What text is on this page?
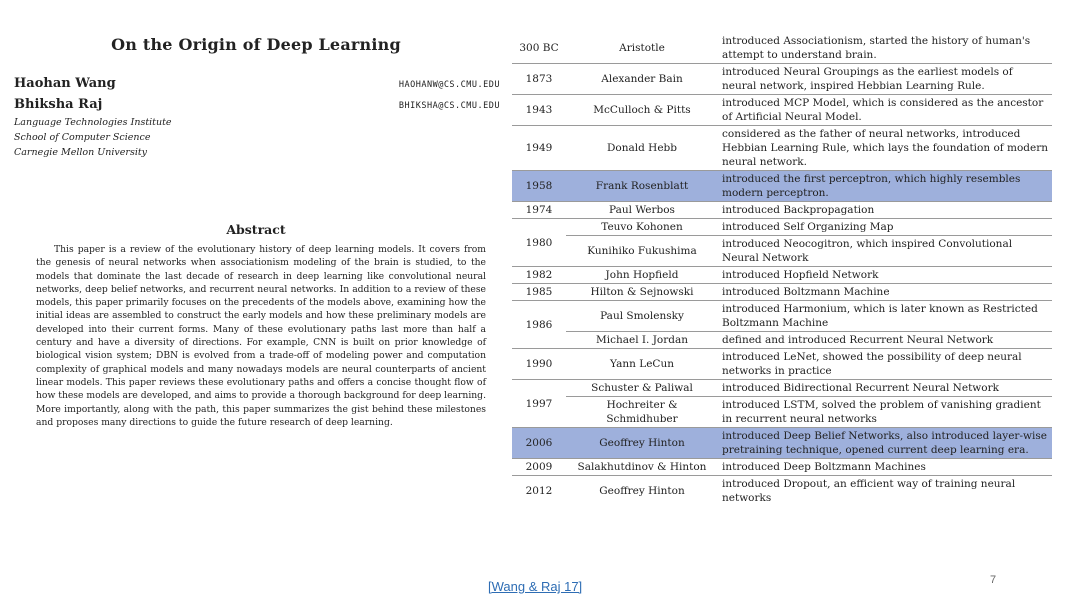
On the Origin of Deep Learning
Haohan Wang	HAOHANW@CS.CMU.EDU
Bhiksha Raj	BHIKSHA@CS.CMU.EDU
Language Technologies Institute
School of Computer Science
Carnegie Mellon University
Abstract
This paper is a review of the evolutionary history of deep learning models. It covers from the genesis of neural networks when associationism modeling of the brain is studied, to the models that dominate the last decade of research in deep learning like convolutional neural networks, deep belief networks, and recurrent neural networks. In addition to a review of these models, this paper primarily focuses on the precedents of the models above, examining how the initial ideas are assembled to construct the early models and how these preliminary models are developed into their current forms. Many of these evolutionary paths last more than half a century and have a diversity of directions. For example, CNN is built on prior knowledge of biological vision system; DBN is evolved from a trade-off of modeling power and computation complexity of graphical models and many nowadays models are neural counterparts of ancient linear models. This paper reviews these evolutionary paths and offers a concise thought flow of how these models are developed, and aims to provide a thorough background for deep learning. More importantly, along with the path, this paper summarizes the gist behind these milestones and proposes many directions to guide the future research of deep learning.
300 BC	Aristotle	introduced Associationism, started the history of human's attempt to understand brain.
1873	Alexander Bain	introduced Neural Groupings as the earliest models of neural network, inspired Hebbian Learning Rule.
1943	McCulloch & Pitts	introduced MCP Model, which is considered as the ancestor of Artificial Neural Model.
1949	Donald Hebb	considered as the father of neural networks, introduced Hebbian Learning Rule, which lays the foundation of modern neural network.
1958	Frank Rosenblatt	introduced the first perceptron, which highly resembles modern perceptron.
1974	Paul Werbos	introduced Backpropagation
1980	Teuvo Kohonen	introduced Self Organizing Map
	Kunihiko Fukushima	introduced Neocogitron, which inspired Convolutional Neural Network
1982	John Hopfield	introduced Hopfield Network
1985	Hilton & Sejnowski	introduced Boltzmann Machine
1986	Paul Smolensky	introduced Harmonium, which is later known as Restricted Boltzmann Machine
	Michael I. Jordan	defined and introduced Recurrent Neural Network
1990	Yann LeCun	introduced LeNet, showed the possibility of deep neural networks in practice
1997	Schuster & Paliwal	introduced Bidirectional Recurrent Neural Network
	Hochreiter & Schmidhuber	introduced LSTM, solved the problem of vanishing gradient in recurrent neural networks
2006	Geoffrey Hinton	introduced Deep Belief Networks, also introduced layer-wise pretraining technique, opened current deep learning era.
2009	Salakhutdinov & Hinton	introduced Deep Boltzmann Machines
2012	Geoffrey Hinton	introduced Dropout, an efficient way of training neural networks
[Wang & Raj 17]	7
